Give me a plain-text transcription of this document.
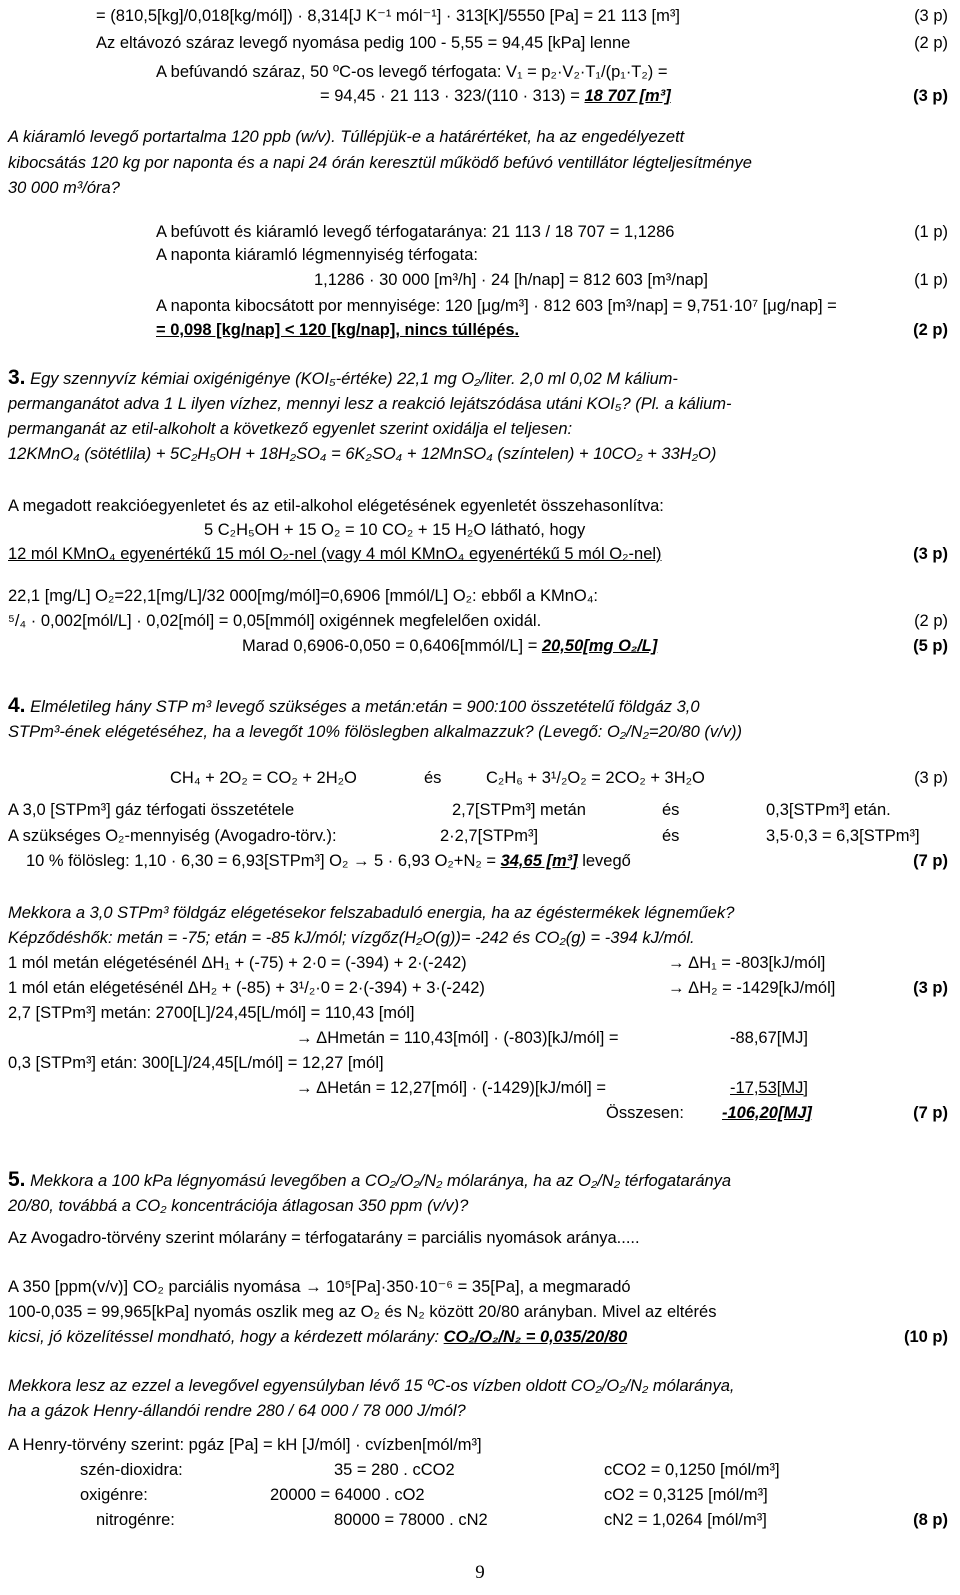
= (810,5[kg]/0,018[kg/mól]) · 8,314[J K⁻¹ mól⁻¹] · 313[K]/5550 [Pa] = 21 113 [m³]	(3 p)
Az eltávozó száraz levegő nyomása pedig 100 - 5,55 = 94,45 [kPa] lenne	(2 p)
A befúvandó száraz, 50 ºC-os levegő térfogata: V₁ = p₂·V₂·T₁/(p₁·T₂) =
= 94,45 · 21 113 · 323/(110 · 313) = 18 707 [m³]	(3 p)
A kiáramló levegő portartalma 120 ppb (w/v). Túllépjük-e a határértéket, ha az engedélyezett
kibocsátás 120 kg por naponta és a napi 24 órán keresztül működő befúvó ventillátor légteljesítménye
30 000 m³/óra?
A befúvott és kiáramló levegő térfogataránya: 21 113 / 18 707 = 1,1286	(1 p)
A naponta kiáramló légmennyiség térfogata:
1,1286 · 30 000 [m³/h] · 24 [h/nap] = 812 603 [m³/nap]	(1 p)
A naponta kibocsátott por mennyisége: 120 [μg/m³] · 812 603 [m³/nap] = 9,751·10⁷ [μg/nap] =
= 0,098 [kg/nap] < 120 [kg/nap], nincs túllépés.	(2 p)
3. Egy szennyvíz kémiai oxigénigénye (KOI₅-értéke) 22,1 mg O₂/liter. 2,0 ml 0,02 M kálium-
permanganátot adva 1 L ilyen vízhez, mennyi lesz a reakció lejátszódása utáni KOI₅? (Pl. a kálium-
permanganát az etil-alkoholt a következő egyenlet szerint oxidálja el teljesen:
12KMnO₄ (sötétlila) + 5C₂H₅OH + 18H₂SO₄ = 6K₂SO₄ + 12MnSO₄ (színtelen) + 10CO₂ + 33H₂O)
A megadott reakcióegyenletet és az etil-alkohol elégetésének egyenletét összehasonlítva:
5 C₂H₅OH + 15 O₂ = 10 CO₂ + 15 H₂O látható, hogy
12 mól KMnO₄ egyenértékű 15 mól O₂-nel (vagy 4 mól KMnO₄ egyenértékű 5 mól O₂-nel)	(3 p)
22,1 [mg/L] O₂=22,1[mg/L]/32 000[mg/mól]=0,6906 [mmól/L] O₂: ebből a KMnO₄:
⁵/₄ · 0,002[mól/L] · 0,02[mól] = 0,05[mmól] oxigénnek megfelelően oxidál.	(2 p)
Marad 0,6906-0,050 = 0,6406[mmól/L] = 20,50[mg O₂/L]	(5 p)
4. Elméletileg hány STP m³ levegő szükséges a metán:etán = 900:100 összetételű földgáz 3,0
STPm³-ének elégetéséhez, ha a levegőt 10% fölöslegben alkalmazzuk? (Levegő: O₂/N₂=20/80 (v/v))
CH₄ + 2O₂ = CO₂ + 2H₂O	és	C₂H₆ + 3¹/₂O₂ = 2CO₂ + 3H₂O	(3 p)
A 3,0 [STPm³] gáz térfogati összetétele	2,7[STPm³] metán	és	0,3[STPm³] etán.
A szükséges O₂-mennyiség (Avogadro-törv.):	2·2,7[STPm³]	és	3,5·0,3 = 6,3[STPm³]
10 % fölösleg: 1,10 · 6,30 = 6,93[STPm³] O₂ → 5 · 6,93 O₂+N₂ = 34,65 [m³] levegő	(7 p)
Mekkora a 3,0 STPm³ földgáz elégetésekor felszabaduló energia, ha az égéstermékek légneműek?
Képződéshők: metán = -75; etán = -85 kJ/mól; vízgőz(H₂O(g))= -242 és CO₂(g) = -394 kJ/mól.
1 mól metán elégetésénél ΔH₁ + (-75) + 2·0 = (-394) + 2·(-242)	→ ΔH₁ = -803[kJ/mól]
1 mól etán elégetésénél ΔH₂ + (-85) + 3¹/₂·0 = 2·(-394) + 3·(-242)	→ ΔH₂ = -1429[kJ/mól]	(3 p)
2,7 [STPm³] metán: 2700[L]/24,45[L/mól] = 110,43 [mól]
→ ΔHmetán = 110,43[mól] · (-803)[kJ/mól] =	-88,67[MJ]
0,3 [STPm³] etán: 300[L]/24,45[L/mól] = 12,27 [mól]
→ ΔHetán = 12,27[mól] · (-1429)[kJ/mól] =	-17,53[MJ]
Összesen: -106,20[MJ]	(7 p)
5. Mekkora a 100 kPa légnyomású levegőben a CO₂/O₂/N₂ mólaránya, ha az O₂/N₂ térfogataránya
20/80, továbbá a CO₂ koncentrációja átlagosan 350 ppm (v/v)?
Az Avogadro-törvény szerint mólarány = térfogatarány = parciális nyomások aránya.....
A 350 [ppm(v/v)] CO₂ parciális nyomása → 10⁵[Pa]·350·10⁻⁶ = 35[Pa], a megmaradó
100-0,035 = 99,965[kPa] nyomás oszlik meg az O₂ és N₂ között 20/80 arányban. Mivel az eltérés
kicsi, jó közelítéssel mondható, hogy a kérdezett mólarány: CO₂/O₂/N₂ = 0,035/20/80	(10 p)
Mekkora lesz az ezzel a levegővel egyensúlyban lévő 15 ºC-os vízben oldott CO₂/O₂/N₂ mólaránya,
ha a gázok Henry-állandói rendre 280 / 64 000 / 78 000 J/mól?
A Henry-törvény szerint: pgáz [Pa] = kH [J/mól] · cvízben[mól/m³]
szén-dioxidra:	35 = 280 . cCO2	cCO2 = 0,1250 [mól/m³]
oxigénre:	20000 = 64000 . cO2	cO2 = 0,3125 [mól/m³]
nitrogénre:	80000 = 78000 . cN2	cN2 = 1,0264 [mól/m³]	(8 p)
9
